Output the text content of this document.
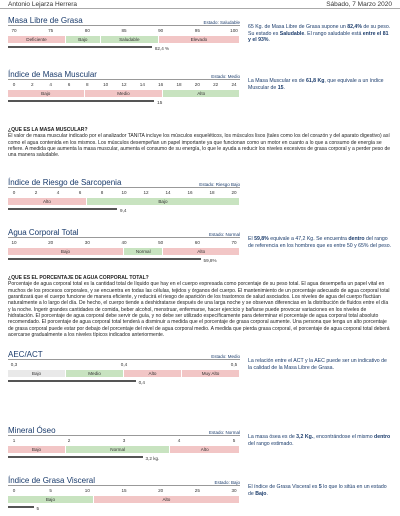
Antonio Lejarza Herrera	Sábado, 7 Marzo 2020
Masa Libre de Grasa	Estado: Saludable
70	75	80	85	90	95	100
Deficiente	Bajo	Saludable	Elevado
82,4 %
65 Kg. de Masa Libre de Grasa supone un 82,4% de su peso. Su estado es Saludable. El rango saludable está entre el 81 y el 93%.
Índice de Masa Muscular	Estado: Medio
0	2	4	6	8	10	12	14	16	18	20	22	24
Bajo	Medio	Alto
15
La Masa Muscular es de 61,8 Kg, que equivale a un índice Muscular de 15.
Índice de Riesgo de Sarcopenia	Estado: Riesgo Bajo
0	2	4	6	8	10	12	14	16	18	20
Alto	Bajo
9,4
Agua Corporal Total	Estado: Normal
10	20	30	40	50	60	70
Bajo	Normal	Alto
59,8%
El 59,8% equivale a 47,2 Kg. Se encuentra dentro del rango de referencia en los hombres que es entre 50 y 65% del peso.
AEC/ACT	Estado: Medio
0,3	0,4	0,5
Bajo	Medio	Alto	Muy Alto
0,4
La relación entre el ACT y la AEC puede ser un indicativo de la calidad de la Masa Libre de Grasa.
Mineral Óseo	Estado: Normal
1	2	3	4	5
Bajo	Normal	Alto
3,2 kg.
La masa ósea es de 3,2 Kg., encontrándose el mismo dentro del rango estimado.
Índice de Grasa Visceral	Estado: Bajo
0	5	10	15	20	25	30
Bajo	Alto
5
El índice de Grasa Visceral es 5 lo que lo sitúa en un estado de Bajo.
¿QUÉ ES LA MASA MUSCULAR?
El valor de masa muscular indicado por el analizador TANITA incluye los músculos esqueléticos, los músculos lisos (tales como los del corazón y del aparato digestivo) así como el agua contenida en los mismos. Los músculos desempeñan un papel importante ya que funcionan como un motor en cuanto a lo que a consumo de energía se refiere. A medida que aumenta la masa muscular, aumenta el consumo de su energía, lo que le ayuda a reducir los niveles excesivos de grasa corporal y a perder peso de una manera saludable.
¿QUÉ ES EL PORCENTAJE DE AGUA CORPORAL TOTAL?
Porcentaje de agua corporal total es la cantidad total de líquido que hay en el cuerpo expresada como porcentaje de su peso total. El agua desempeña un papel vital en muchos de los procesos corporales, y se encuentra en todas las células, tejidos y órganos del cuerpo. El mantenimiento de un porcentaje adecuado de agua corporal total garantizará que el cuerpo funcione de manera eficiente, y reducirá el riesgo de aparición de los trastornos de salud asociados. Los niveles de agua del cuerpo fluctúan naturalmente a lo largo del día. De hecho, el cuerpo tiende a deshidratarse después de una larga noche y se observan diferencias en la distribución de fluidos entre el día y la noche. Ingerir grandes cantidades de comida, beber alcohol, menstruar, enfermarse, hacer ejercicio y bañarse puede provocar variaciones en los niveles de hidratación. El porcentaje de agua corporal debe servir de guía, y no debe ser utilizado específicamente para determinar el porcentaje de agua corporal total absoluto recomendado. El porcentaje de agua corporal total tenderá a disminuir a medida que el porcentaje de grasa corporal aumente. Una persona que tenga un alto porcentaje de grasa corporal puede estar por debajo del porcentaje del nivel de agua corporal medio. A medida que pierda grasa corporal, el porcentaje de agua corporal total deberá acercarse gradualmente a los niveles típicos indicados anteriormente.
